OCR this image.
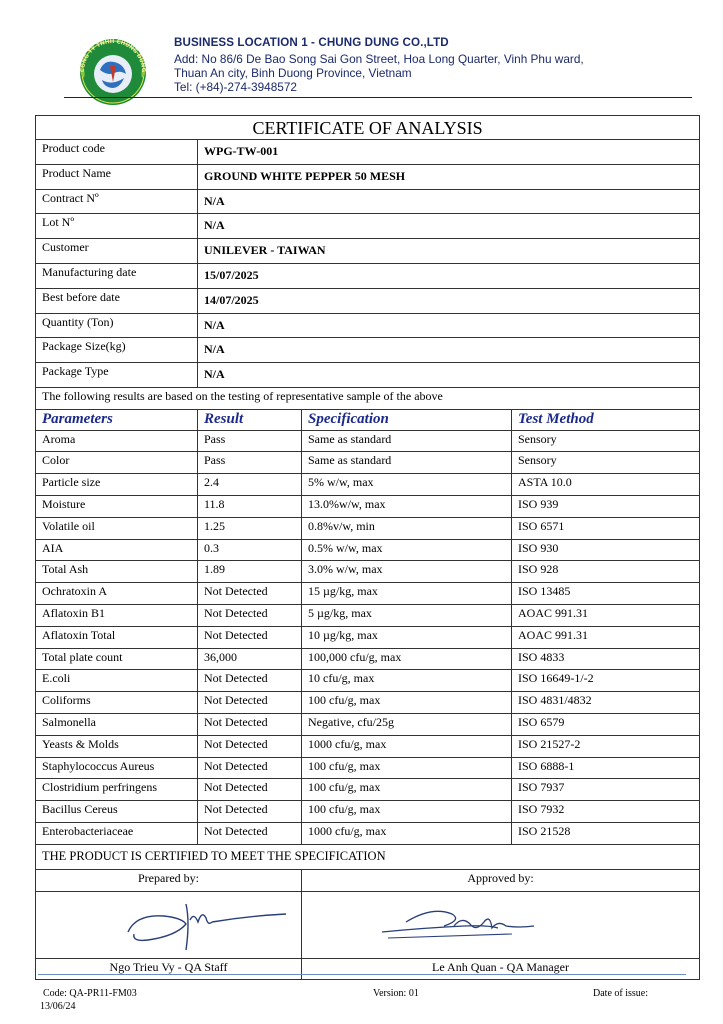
CÔNG TY TNHH CHUNG DUNG
BUSINESS LOCATION 1 - CHUNG DUNG CO.,LTD
Add: No 86/6 De Bao Song Sai Gon Street, Hoa Long Quarter, Vinh Phu ward,
Thuan An city, Binh Duong Province, Vietnam
Tel: (+84)-274-3948572
CERTIFICATE OF ANALYSIS			
Product code	WPG-TW-001		
Product Name	GROUND WHITE PEPPER 50 MESH		
Contract Nº	N/A		
Lot Nº	N/A		
Customer	UNILEVER - TAIWAN		
Manufacturing date	15/07/2025		
Best before date	14/07/2025		
Quantity (Ton)	N/A		
Package Size(kg)	N/A		
Package Type	N/A		
The following results are based on the testing of representative sample of the above			
Parameters	Result	Specification	Test Method
Aroma	Pass	Same as standard	Sensory
Color	Pass	Same as standard	Sensory
Particle size	2.4	5% w/w, max	ASTA 10.0
Moisture	11.8	13.0%w/w, max	ISO 939
Volatile oil	1.25	0.8%v/w, min	ISO 6571
AIA	0.3	0.5% w/w, max	ISO 930
Total Ash	1.89	3.0% w/w, max	ISO 928
Ochratoxin A	Not Detected	15 µg/kg, max	ISO 13485
Aflatoxin B1	Not Detected	5 µg/kg, max	AOAC 991.31
Aflatoxin Total	Not Detected	10 µg/kg, max	AOAC 991.31
Total plate count	36,000	100,000 cfu/g, max	ISO 4833
E.coli	Not Detected	10 cfu/g, max	ISO 16649-1/-2
Coliforms	Not Detected	100 cfu/g, max	ISO 4831/4832
Salmonella	Not Detected	Negative, cfu/25g	ISO 6579
Yeasts & Molds	Not Detected	1000 cfu/g, max	ISO 21527-2
Staphylococcus Aureus	Not Detected	100 cfu/g, max	ISO 6888-1
Clostridium perfringens	Not Detected	100 cfu/g, max	ISO 7937
Bacillus Cereus	Not Detected	100 cfu/g, max	ISO 7932
Enterobacteriaceae	Not Detected	1000 cfu/g, max	ISO 21528
THE PRODUCT IS CERTIFIED TO MEET THE SPECIFICATION			
Prepared by:		Approved by:	

Ngo Trieu Vy - QA Staff		Le Anh Quan - QA Manager	
Code: QA-PR11-FM03
13/06/24
Version: 01	Date of issue:
